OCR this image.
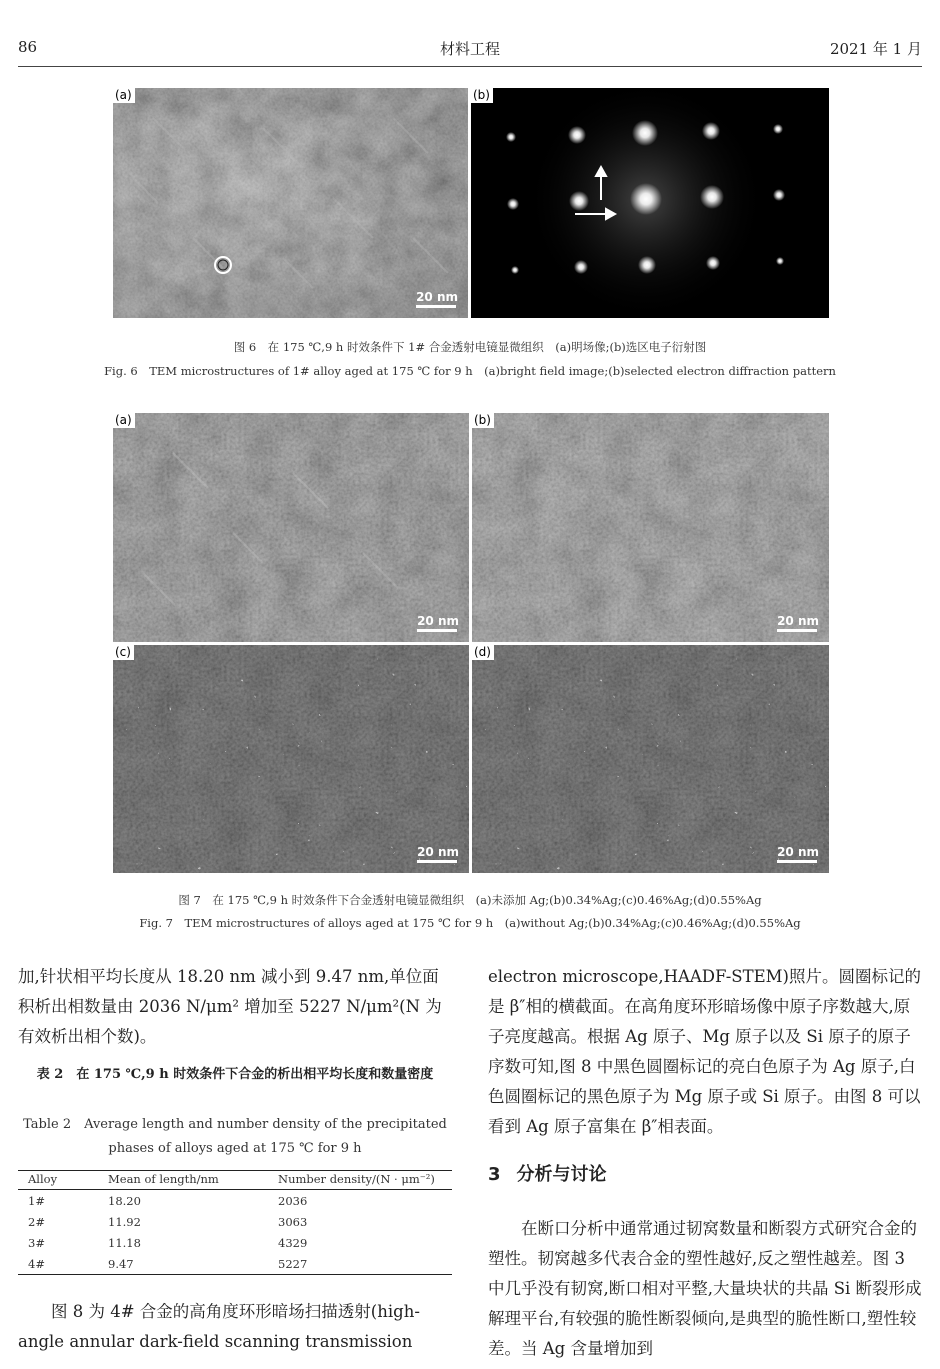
86	材料工程	2021 年 1 月
(a)
20 nm
(b)
图 6　在 175 ℃,9 h 时效条件下 1# 合金透射电镜显微组织　(a)明场像;(b)选区电子衍射图
Fig. 6　TEM microstructures of 1# alloy aged at 175 ℃ for 9 h　(a)bright field image;(b)selected electron diffraction pattern
(a)
20 nm
(b)
20 nm
(c)
20 nm
(d)
20 nm
图 7　在 175 ℃,9 h 时效条件下合金透射电镜显微组织　(a)未添加 Ag;(b)0.34%Ag;(c)0.46%Ag;(d)0.55%Ag
Fig. 7　TEM microstructures of alloys aged at 175 ℃ for 9 h　(a)without Ag;(b)0.34%Ag;(c)0.46%Ag;(d)0.55%Ag
加,针状相平均长度从 18.20 nm 减小到 9.47 nm,单位面积析出相数量由 2036 N/μm² 增加至 5227 N/μm²(N 为有效析出相个数)。
表 2　在 175 ℃,9 h 时效条件下合金的析出相平均长度和数量密度
Table 2　Average length and number density of the precipitated phases of alloys aged at 175 ℃ for 9 h
Alloy	Mean of length/nm	Number density/(N · μm⁻²)
1#	18.20	2036
2#	11.92	3063
3#	11.18	4329
4#	9.47	5227
　　图 8 为 4# 合金的高角度环形暗场扫描透射(high-angle annular dark-field scanning transmission
electron microscope,HAADF-STEM)照片。圆圈标记的是 β″相的横截面。在高角度环形暗场像中原子序数越大,原子亮度越高。根据 Ag 原子、Mg 原子以及 Si 原子的原子序数可知,图 8 中黑色圆圈标记的亮白色原子为 Ag 原子,白色圆圈标记的黑色原子为 Mg 原子或 Si 原子。由图 8 可以看到 Ag 原子富集在 β″相表面。
3 分析与讨论
　　在断口分析中通常通过韧窝数量和断裂方式研究合金的塑性。韧窝越多代表合金的塑性越好,反之塑性越差。图 3 中几乎没有韧窝,断口相对平整,大量块状的共晶 Si 断裂形成解理平台,有较强的脆性断裂倾向,是典型的脆性断口,塑性较差。当 Ag 含量增加到
